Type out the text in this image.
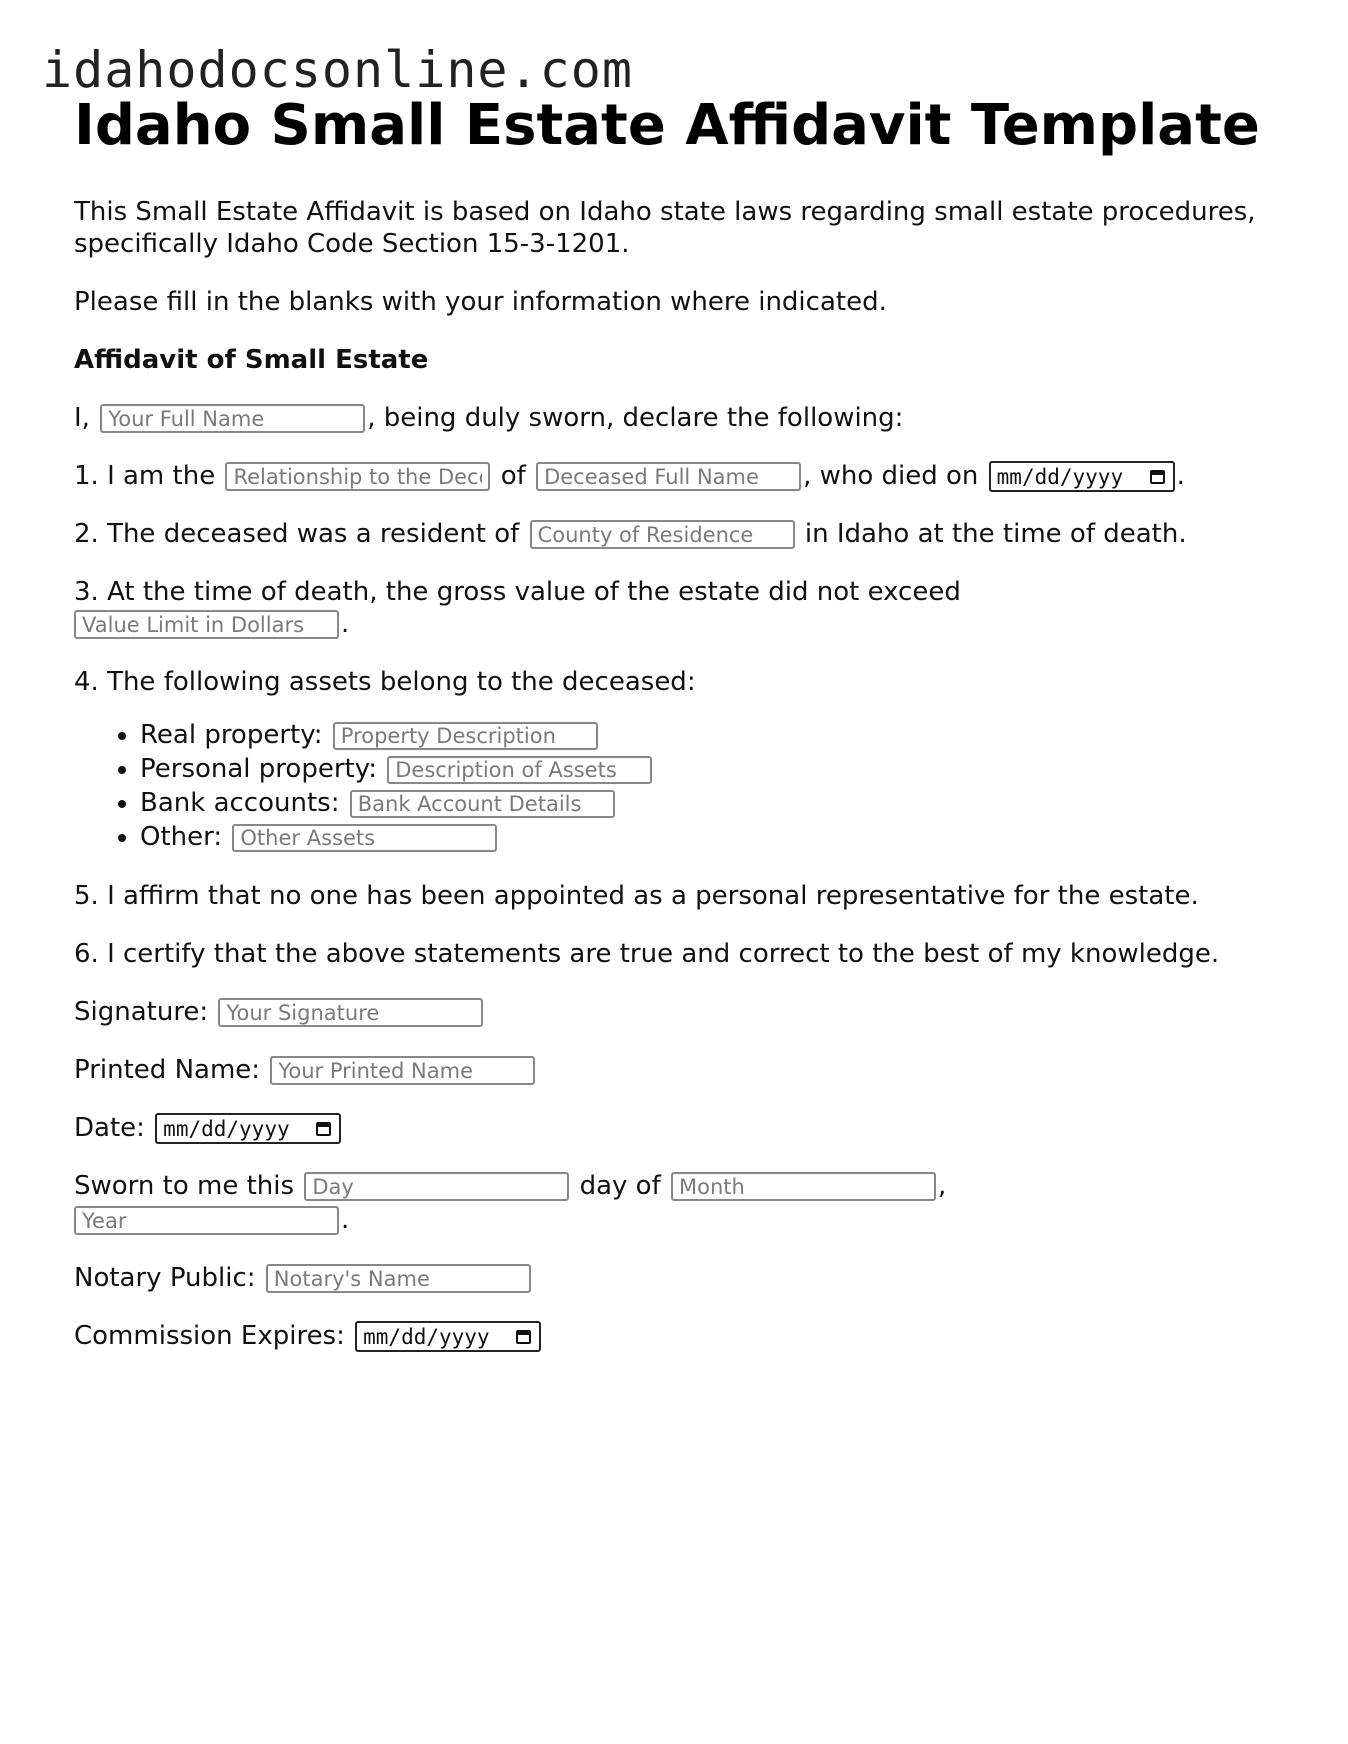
idahodocsonline.com
Idaho Small Estate Affidavit Template

This Small Estate Affidavit is based on Idaho state laws regarding small estate procedures, specifically Idaho Code Section 15-3-1201.

Please fill in the blanks with your information where indicated.

Affidavit of Small Estate
I, Your Full Name	, being duly sworn, declare the following:
1. I am the Relationship to the Deceased	of Deceased Full Name	, who died on mm/dd/yyyy .
2. The deceased was a resident of County of Residence	in Idaho at the time of death.
3. At the time of death, the gross value of the estate did not exceed
Value Limit in Dollars.
4. The following assets belong to the deceased:
• Real property: Property Description
• Personal property: Description of Assets
• Bank accounts: Bank Account Details
• Other: Other Assets
5. I affirm that no one has been appointed as a personal representative for the estate.
6. I certify that the above statements are true and correct to the best of my knowledge.
Signature: Your Signature
Printed Name: Your Printed Name
Date: mm/dd/yyyy
Sworn to me this Day	day of Month	,
Year.
Notary Public: Notary's Name
Commission Expires: mm/dd/yyyy
